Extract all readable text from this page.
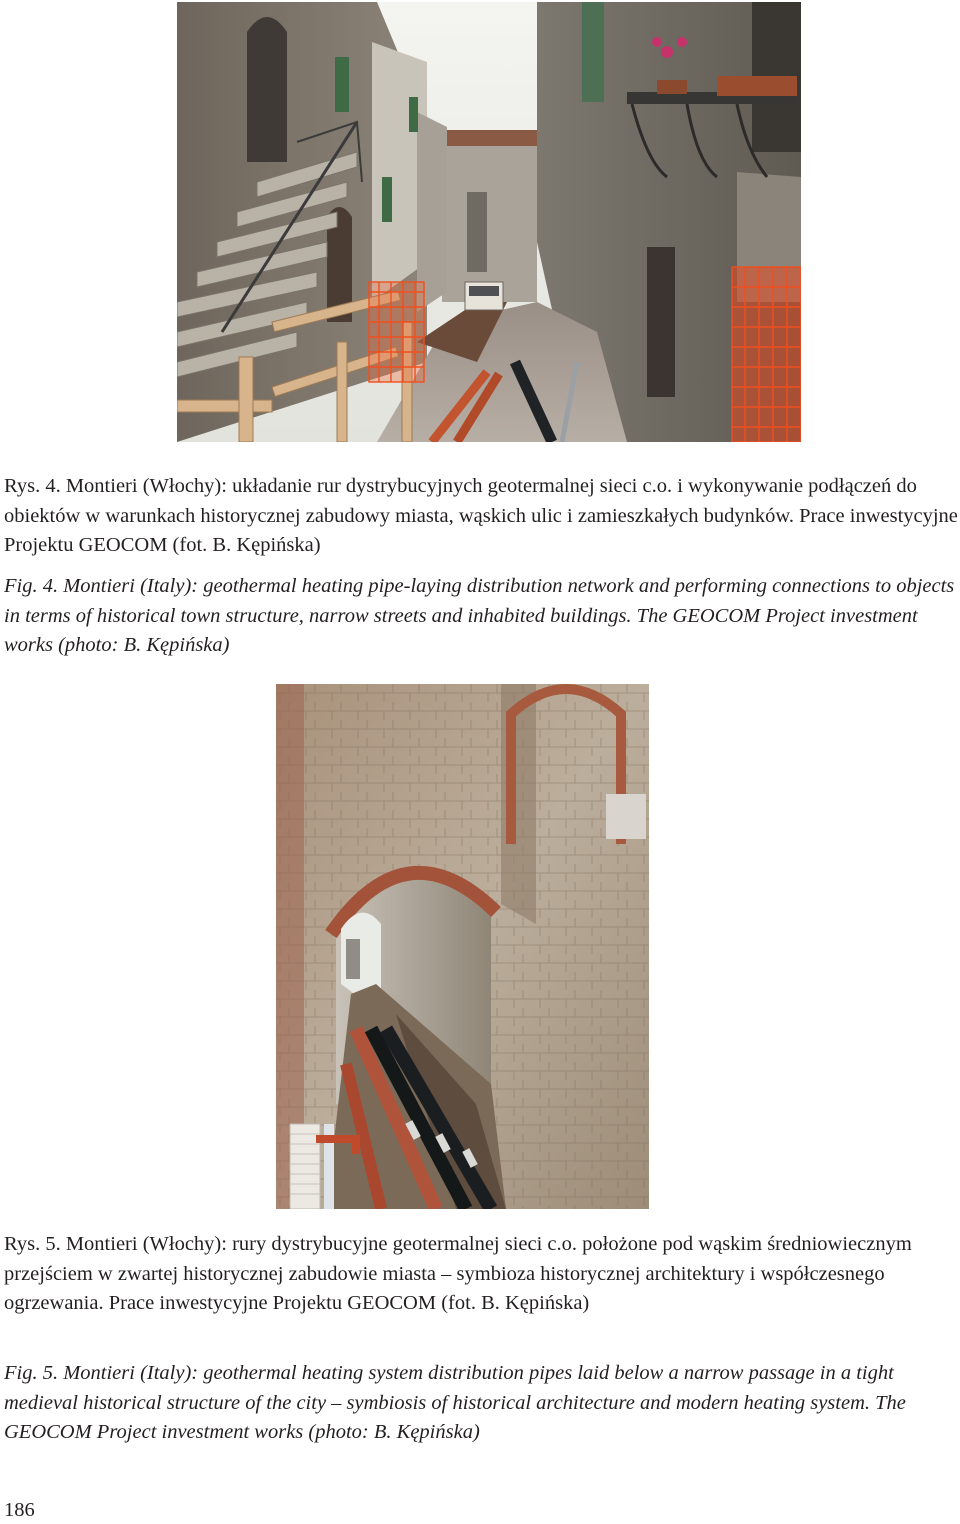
Rys. 4. Montieri (Włochy): układanie rur dystrybucyjnych geotermalnej sieci c.o. i wykonywanie podłączeń do obiektów w warunkach historycznej zabudowy miasta, wąskich ulic i zamieszkałych budynków. Prace inwestycyjne Projektu GEOCOM (fot. B. Kępińska)

Fig. 4. Montieri (Italy): geothermal heating pipe-laying distribution network and performing connections to objects in terms of historical town structure, narrow streets and inhabited buildings. The GEOCOM Project investment works (photo: B. Kępińska)

Rys. 5. Montieri (Włochy): rury dystrybucyjne geotermalnej sieci c.o. położone pod wąskim średniowiecznym przejściem w zwartej historycznej zabudowie miasta – symbioza historycznej architektury i współczesnego ogrzewania. Prace inwestycyjne Projektu GEOCOM (fot. B. Kępińska)

Fig. 5. Montieri (Italy): geothermal heating system distribution pipes laid below a narrow passage in a tight medieval historical structure of the city – symbiosis of historical architecture and modern heating system. The GEOCOM Project investment works (photo: B. Kępińska)

186
